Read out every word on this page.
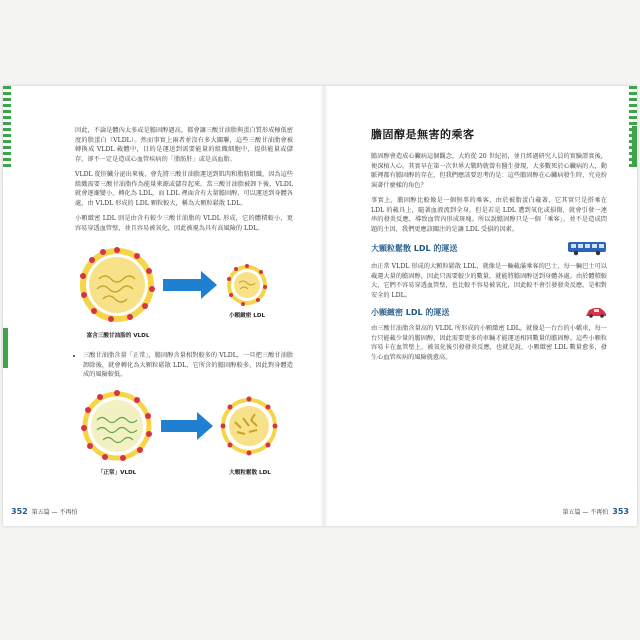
因此，不論是體內太多或是膽固醇過高，都會讓三酸甘油脂與蛋白質形成極低密度的脂蛋白（VLDL）。然而事實上兩者並沒有多大關聯，這些三酸甘油脂會被轉換成 VLDL 載體中，目的是運送到需要能量的組織細胞中，提供能量或儲存，卻不一定是造成心血管疾病的「脂肪肝」或是高血脂。

VLDL 從肝臟分泌出來後，會先將三酸甘油脂運送到肌肉和脂肪組織，因為這些組織需要三酸甘油脂作為能量來源或儲存起來。當三酸甘油脂被卸下後，VLDL 就會逐漸變小，轉化為 LDL，而 LDL 裡面含有大量膽固醇，可以運送到身體各處，由 VLDL 形成的 LDL 顆粒較大，稱為大顆粒鬆散 LDL。

小顆緻密 LDL 則是由含有較少三酸甘油脂的 VLDL 形成，它的體積較小，更容易穿透血管壁，並且容易被氧化，因此被視為具有高風險的 LDL。

富含三酸甘油脂的 VLDL
小顆緻密 LDL
• 三酸甘油脂含量「正常」，膽固醇含量相對較多的 VLDL，一旦把三酸甘油脂卸除後，就會轉化為大顆粒鬆散 LDL，它所含的膽固醇較多，因此對身體造成的風險較低。
「正常」VLDL	大顆粒鬆散 LDL
352 第五篇 — 不再怕
膽固醇是無害的乘客

膽固醇會造成心臟病這個觀念，大約從 20 世紀初，並且經過研究人員的實驗證實後，便深植人心。其實早在第一次世界大戰時就曾有醫生發現，大多數死於心臟病的人，動脈裡都有膽固醇的存在，但我們應該要思考的是：這些膽固醇在心臟病發生時，究竟扮演著什麼樣的角色？

事實上，膽固醇比較像是一個無辜的乘客，由於被脂蛋白載著，它其實只是搭乘在 LDL 的載具上，隨著血液流到全身。但是若是 LDL 遭到氧化或損傷，就會引發一連串的發炎反應，導致血管內形成斑塊。所以說膽固醇只是一個「乘客」，並不是造成問題的主因，我們更應該關注的是讓 LDL 受損的因素。

大顆粒鬆散 LDL 的運送

由正常 VLDL 形成的大顆粒鬆散 LDL，就像是一輛載滿乘客的巴士，每一輛巴士可以載運大量的膽固醇，因此只需要較少的數量，就能將膽固醇送到身體各處。由於體積較大，它們不容易穿透血管壁，也比較不容易被氧化，因此較不會引發發炎反應，是相對安全的 LDL。

小顆緻密 LDL 的運送

由三酸甘油脂含量高的 VLDL 所形成的小顆緻密 LDL，就像是一台台的小轎車，每一台只能載少量的膽固醇，因此需要更多的車輛才能運送相同數量的膽固醇。這些小顆粒容易卡在血管壁上，被氧化後引發發炎反應，也就是說，小顆緻密 LDL 數量愈多，發生心血管疾病的風險就愈高。

第五篇 — 不再怕 353
